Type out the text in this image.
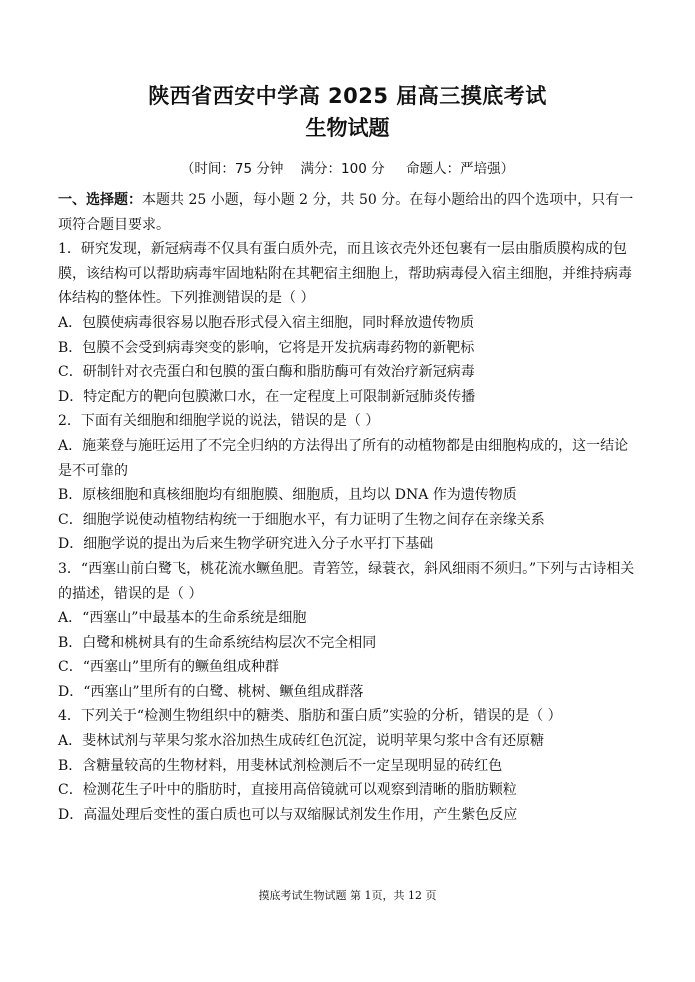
陕西省西安中学高 2025 届高三摸底考试
生物试题
（时间：75 分钟    满分：100 分     命题人：严培强）

一、选择题：本题共 25 小题，每小题 2 分，共 50 分。在每小题给出的四个选项中，只有一项符合题目要求。

1．研究发现，新冠病毒不仅具有蛋白质外壳，而且该衣壳外还包裹有一层由脂质膜构成的包膜，该结构可以帮助病毒牢固地粘附在其靶宿主细胞上，帮助病毒侵入宿主细胞，并维持病毒体结构的整体性。下列推测错误的是（ ）

A．包膜使病毒很容易以胞吞形式侵入宿主细胞，同时释放遗传物质

B．包膜不会受到病毒突变的影响，它将是开发抗病毒药物的新靶标

C．研制针对衣壳蛋白和包膜的蛋白酶和脂肪酶可有效治疗新冠病毒

D．特定配方的靶向包膜漱口水，在一定程度上可限制新冠肺炎传播

2．下面有关细胞和细胞学说的说法，错误的是（ ）

A．施莱登与施旺运用了不完全归纳的方法得出了所有的动植物都是由细胞构成的，这一结论是不可靠的

B．原核细胞和真核细胞均有细胞膜、细胞质，且均以 DNA 作为遗传物质

C．细胞学说使动植物结构统一于细胞水平，有力证明了生物之间存在亲缘关系

D．细胞学说的提出为后来生物学研究进入分子水平打下基础

3．“西塞山前白鹭飞，桃花流水鳜鱼肥。青箬笠，绿蓑衣，斜风细雨不须归。”下列与古诗相关的描述，错误的是（ ）

A．“西塞山”中最基本的生命系统是细胞

B．白鹭和桃树具有的生命系统结构层次不完全相同

C．“西塞山”里所有的鳜鱼组成种群

D．“西塞山”里所有的白鹭、桃树、鳜鱼组成群落

4．下列关于“检测生物组织中的糖类、脂肪和蛋白质”实验的分析，错误的是（ ）

A．斐林试剂与苹果匀浆水浴加热生成砖红色沉淀，说明苹果匀浆中含有还原糖

B．含糖量较高的生物材料，用斐林试剂检测后不一定呈现明显的砖红色

C．检测花生子叶中的脂肪时，直接用高倍镜就可以观察到清晰的脂肪颗粒

D．高温处理后变性的蛋白质也可以与双缩脲试剂发生作用，产生紫色反应

摸底考试生物试题 第 1页，共 12 页
